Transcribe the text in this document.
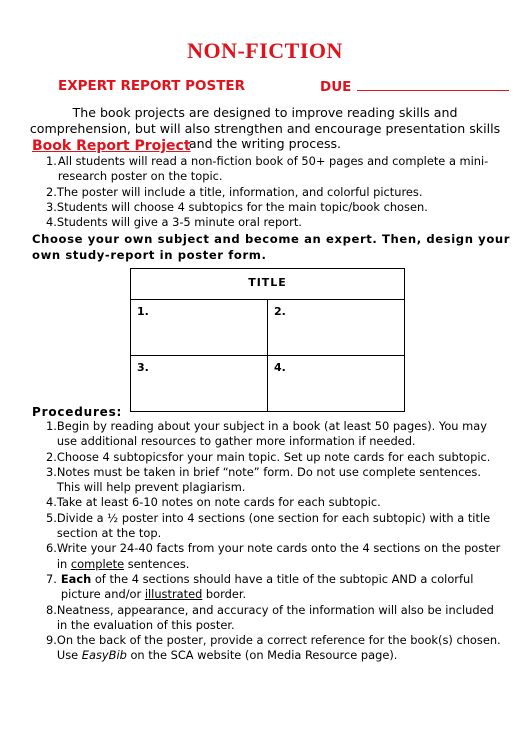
NON-FICTION
EXPERT REPORT POSTER	DUE
The book projects are designed to improve reading skills and comprehension, but will also strengthen and encourage presentation skills and the writing process.
Book Report Project
1. All students will read a non-fiction book of 50+ pages and complete a mini-research poster on the topic.
2. The poster will include a title, information, and colorful pictures.
3. Students will choose 4 subtopics for the main topic/book chosen.
4. Students will give a 3-5 minute oral report.
Choose your own subject and become an expert. Then, design your own study-report in poster form.
TITLE	
1.	2.
3.	4.
Procedures:
1. Begin by reading about your subject in a book (at least 50 pages). You may use additional resources to gather more information if needed.
2. Choose 4 subtopicsfor your main topic. Set up note cards for each subtopic.
3. Notes must be taken in brief “note” form. Do not use complete sentences. This will help prevent plagiarism.
4. Take at least 6-10 notes on note cards for each subtopic.
5. Divide a ½ poster into 4 sections (one section for each subtopic) with a title section at the top.
6. Write your 24-40 facts from your note cards onto the 4 sections on the poster in complete sentences.
7. Each of the 4 sections should have a title of the subtopic AND a colorful picture and/or illustrated border.
8. Neatness, appearance, and accuracy of the information will also be included in the evaluation of this poster.
9. On the back of the poster, provide a correct reference for the book(s) chosen. Use EasyBib on the SCA website (on Media Resource page).
